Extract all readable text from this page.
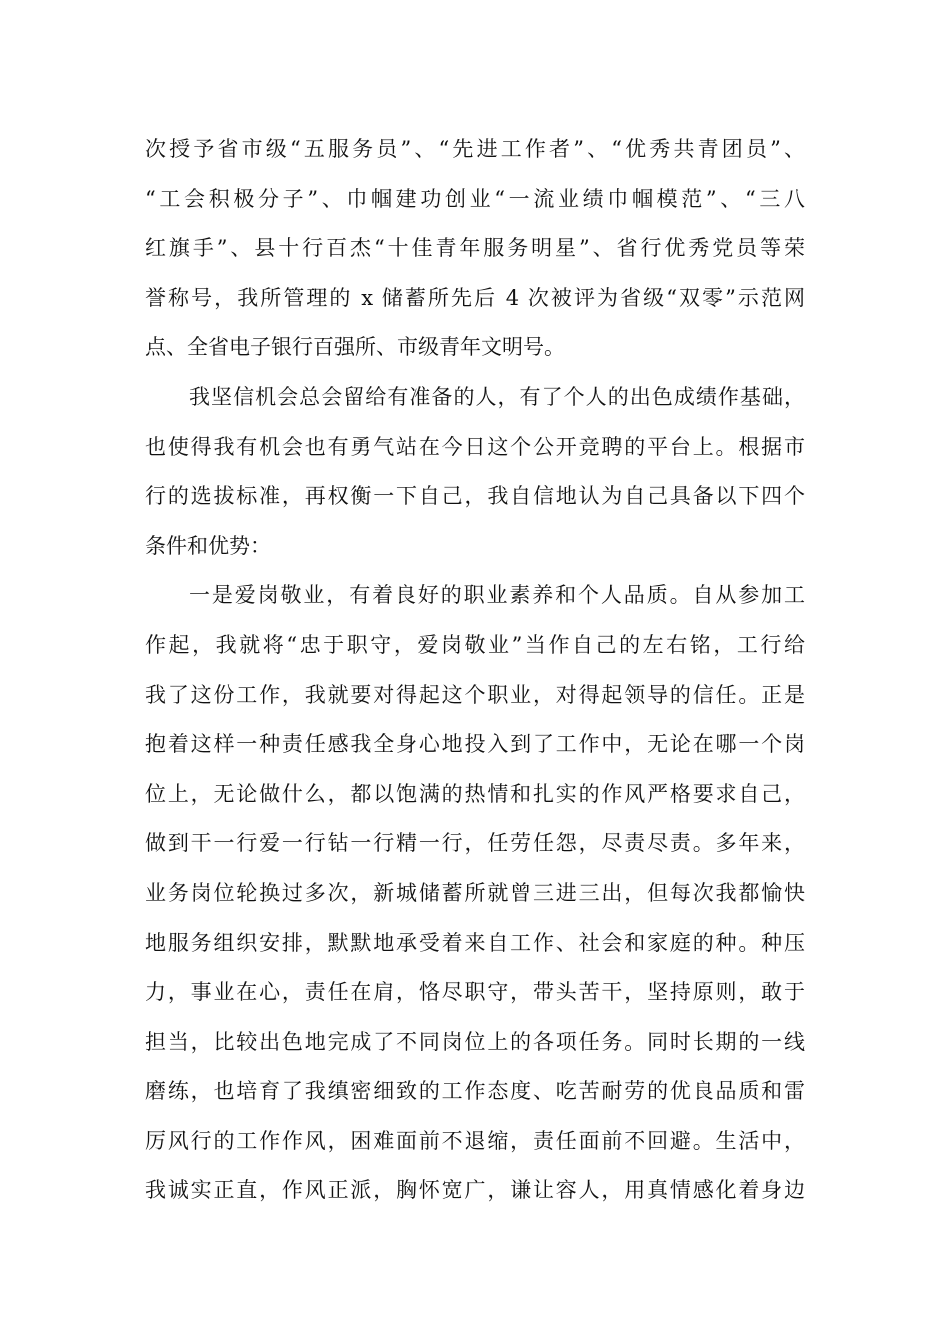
次授予省市级“五服务员”、“先进工作者”、“优秀共青团员”、
“工会积极分子”、巾帼建功创业“一流业绩巾帼模范”、“三八
红旗手”、县十行百杰“十佳青年服务明星”、省行优秀党员等荣
誉称号，我所管理的 x 储蓄所先后 4 次被评为省级“双零”示范网
点、全省电子银行百强所、市级青年文明号。
我坚信机会总会留给有准备的人，有了个人的出色成绩作基础，
也使得我有机会也有勇气站在今日这个公开竞聘的平台上。根据市
行的选拔标准，再权衡一下自己，我自信地认为自己具备以下四个
条件和优势：
一是爱岗敬业，有着良好的职业素养和个人品质。自从参加工
作起，我就将“忠于职守，爱岗敬业”当作自己的左右铭，工行给
我了这份工作，我就要对得起这个职业，对得起领导的信任。正是
抱着这样一种责任感我全身心地投入到了工作中，无论在哪一个岗
位上，无论做什么，都以饱满的热情和扎实的作风严格要求自己，
做到干一行爱一行钻一行精一行，任劳任怨，尽责尽责。多年来，
业务岗位轮换过多次，新城储蓄所就曾三进三出，但每次我都愉快
地服务组织安排，默默地承受着来自工作、社会和家庭的种。种压
力，事业在心，责任在肩，恪尽职守，带头苦干，坚持原则，敢于
担当，比较出色地完成了不同岗位上的各项任务。同时长期的一线
磨练，也培育了我缜密细致的工作态度、吃苦耐劳的优良品质和雷
厉风行的工作作风，困难面前不退缩，责任面前不回避。生活中，
我诚实正直，作风正派，胸怀宽广，谦让容人，用真情感化着身边
